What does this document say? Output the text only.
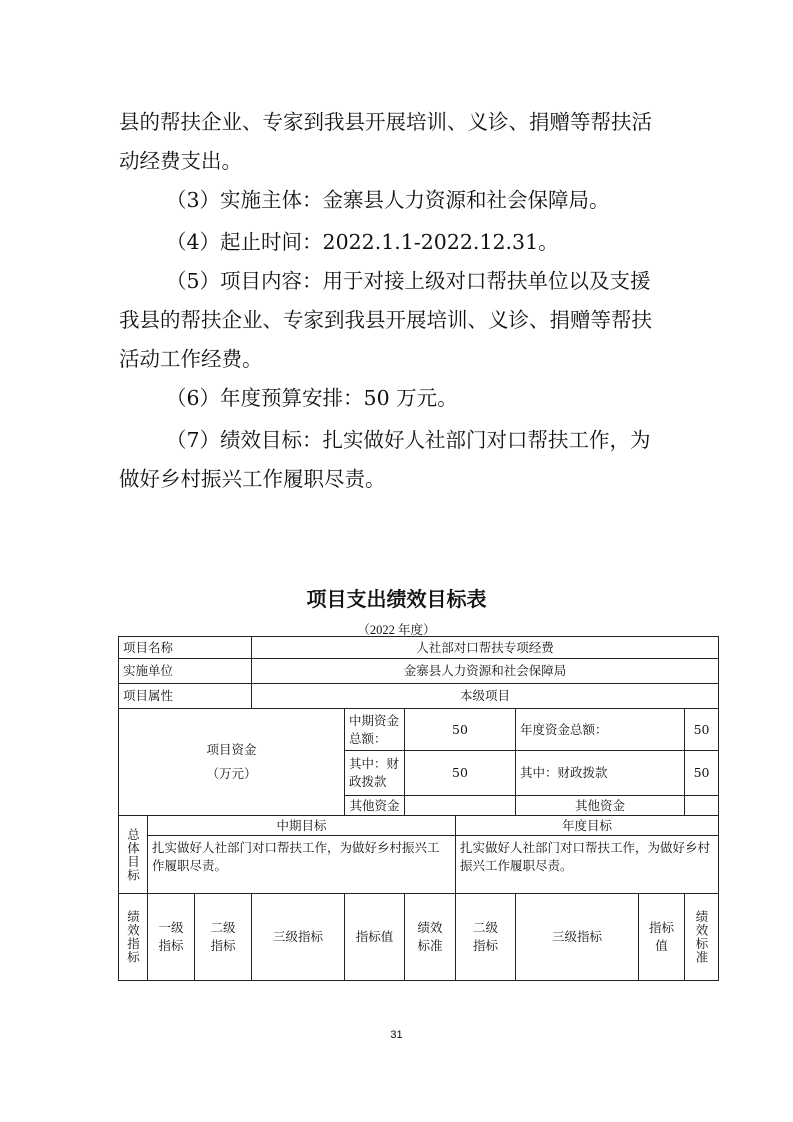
县的帮扶企业、专家到我县开展培训、义诊、捐赠等帮扶活

动经费支出。

（3）实施主体：金寨县人力资源和社会保障局。

（4）起止时间：2022.1.1-2022.12.31。

（5）项目内容：用于对接上级对口帮扶单位以及支援

我县的帮扶企业、专家到我县开展培训、义诊、捐赠等帮扶

活动工作经费。

（6）年度预算安排：50 万元。

（7）绩效目标：扎实做好人社部门对口帮扶工作，为

做好乡村振兴工作履职尽责。

项目支出绩效目标表
（2022 年度）
项目名称			人社部对口帮扶专项经费						
实施单位			金寨县人力资源和社会保障局						
项目属性			本级项目						

项目资金
（万元）				中期资金总额：	50		年度资金总额：		50
				其中：财政拨款	50		其中：财政拨款		50
				其他资金			其他资金		
总体目标	中期目标					年度目标			
	扎实做好人社部门对口帮扶工作，为做好乡村振兴工作履职尽责。					扎实做好人社部门对口帮扶工作，为做好乡村振兴工作履职尽责。			
绩效指标	一级指标	二级指标	三级指标	指标值	绩效标准	二级指标	三级指标	指标值	绩效标准
31
